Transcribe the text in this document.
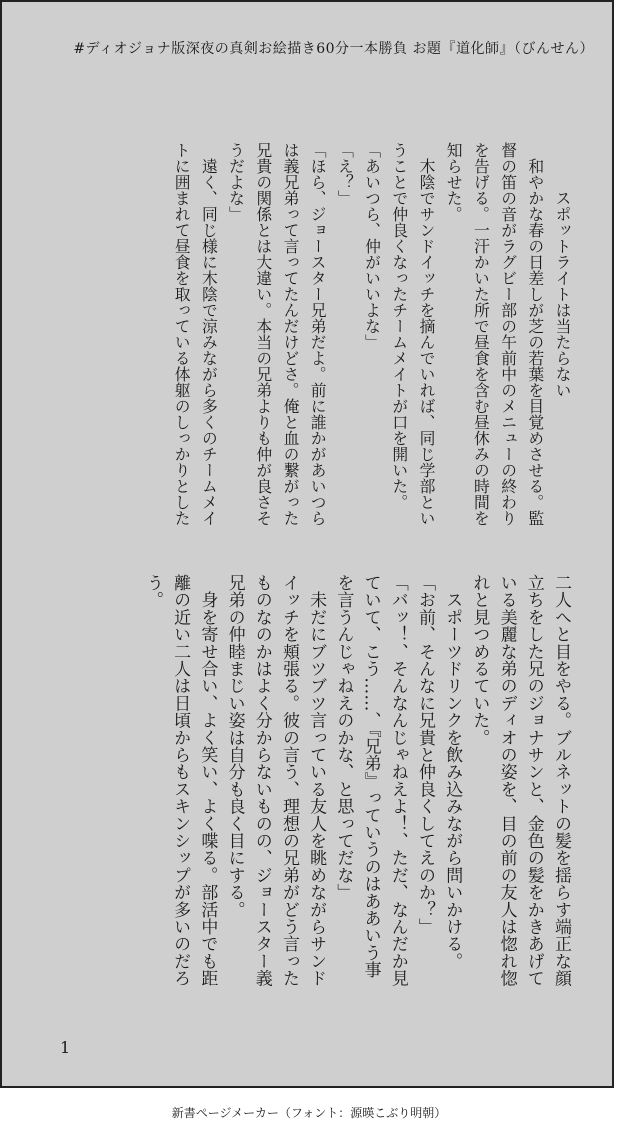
#ディオジョナ版深夜の真剣お絵描き60分一本勝負 お題『道化師』（びんせん）

　　　スポットライトは当たらない

　和やかな春の日差しが芝の若葉を目覚めさせる。監

督の笛の音がラグビー部の午前中のメニューの終わり

を告げる。一汗かいた所で昼食を含む昼休みの時間を

知らせた。

　木陰でサンドイッチを摘んでいれば、同じ学部とい

うことで仲良くなったチームメイトが口を開いた。

「あいつら、仲がいいよな」

「え？」

「ほら、ジョースター兄弟だよ。前に誰かがあいつら

は義兄弟って言ってたんだけどさ。俺と血の繋がった

兄貴の関係とは大違い。本当の兄弟よりも仲が良さそ

うだよな」

　遠く、同じ様に木陰で涼みながら多くのチームメイ

トに囲まれて昼食を取っている体躯のしっかりとした

二人へと目をやる。ブルネットの髪を揺らす端正な顔

立ちをした兄のジョナサンと、金色の髪をかきあげて

いる美麗な弟のディオの姿を、目の前の友人は惚れ惚

れと見つめるていた。

　スポーツドリンクを飲み込みながら問いかける。

「お前、そんなに兄貴と仲良くしてえのか？」

「バッ！、そんなんじゃねえよ！、ただ、なんだか見

ていて、こう……、『兄弟』っていうのはああいう事

を言うんじゃねえのかな、と思ってだな」

　未だにブツブツ言っている友人を眺めながらサンド

イッチを頬張る。彼の言う、理想の兄弟がどう言った

ものなのかはよく分からないものの、ジョースター義

兄弟の仲睦まじい姿は自分も良く目にする。

　身を寄せ合い、よく笑い、よく喋る。部活中でも距

離の近い二人は日頃からもスキンシップが多いのだろ

う。

1
新書ページメーカー（フォント：源暎こぶり明朝）
